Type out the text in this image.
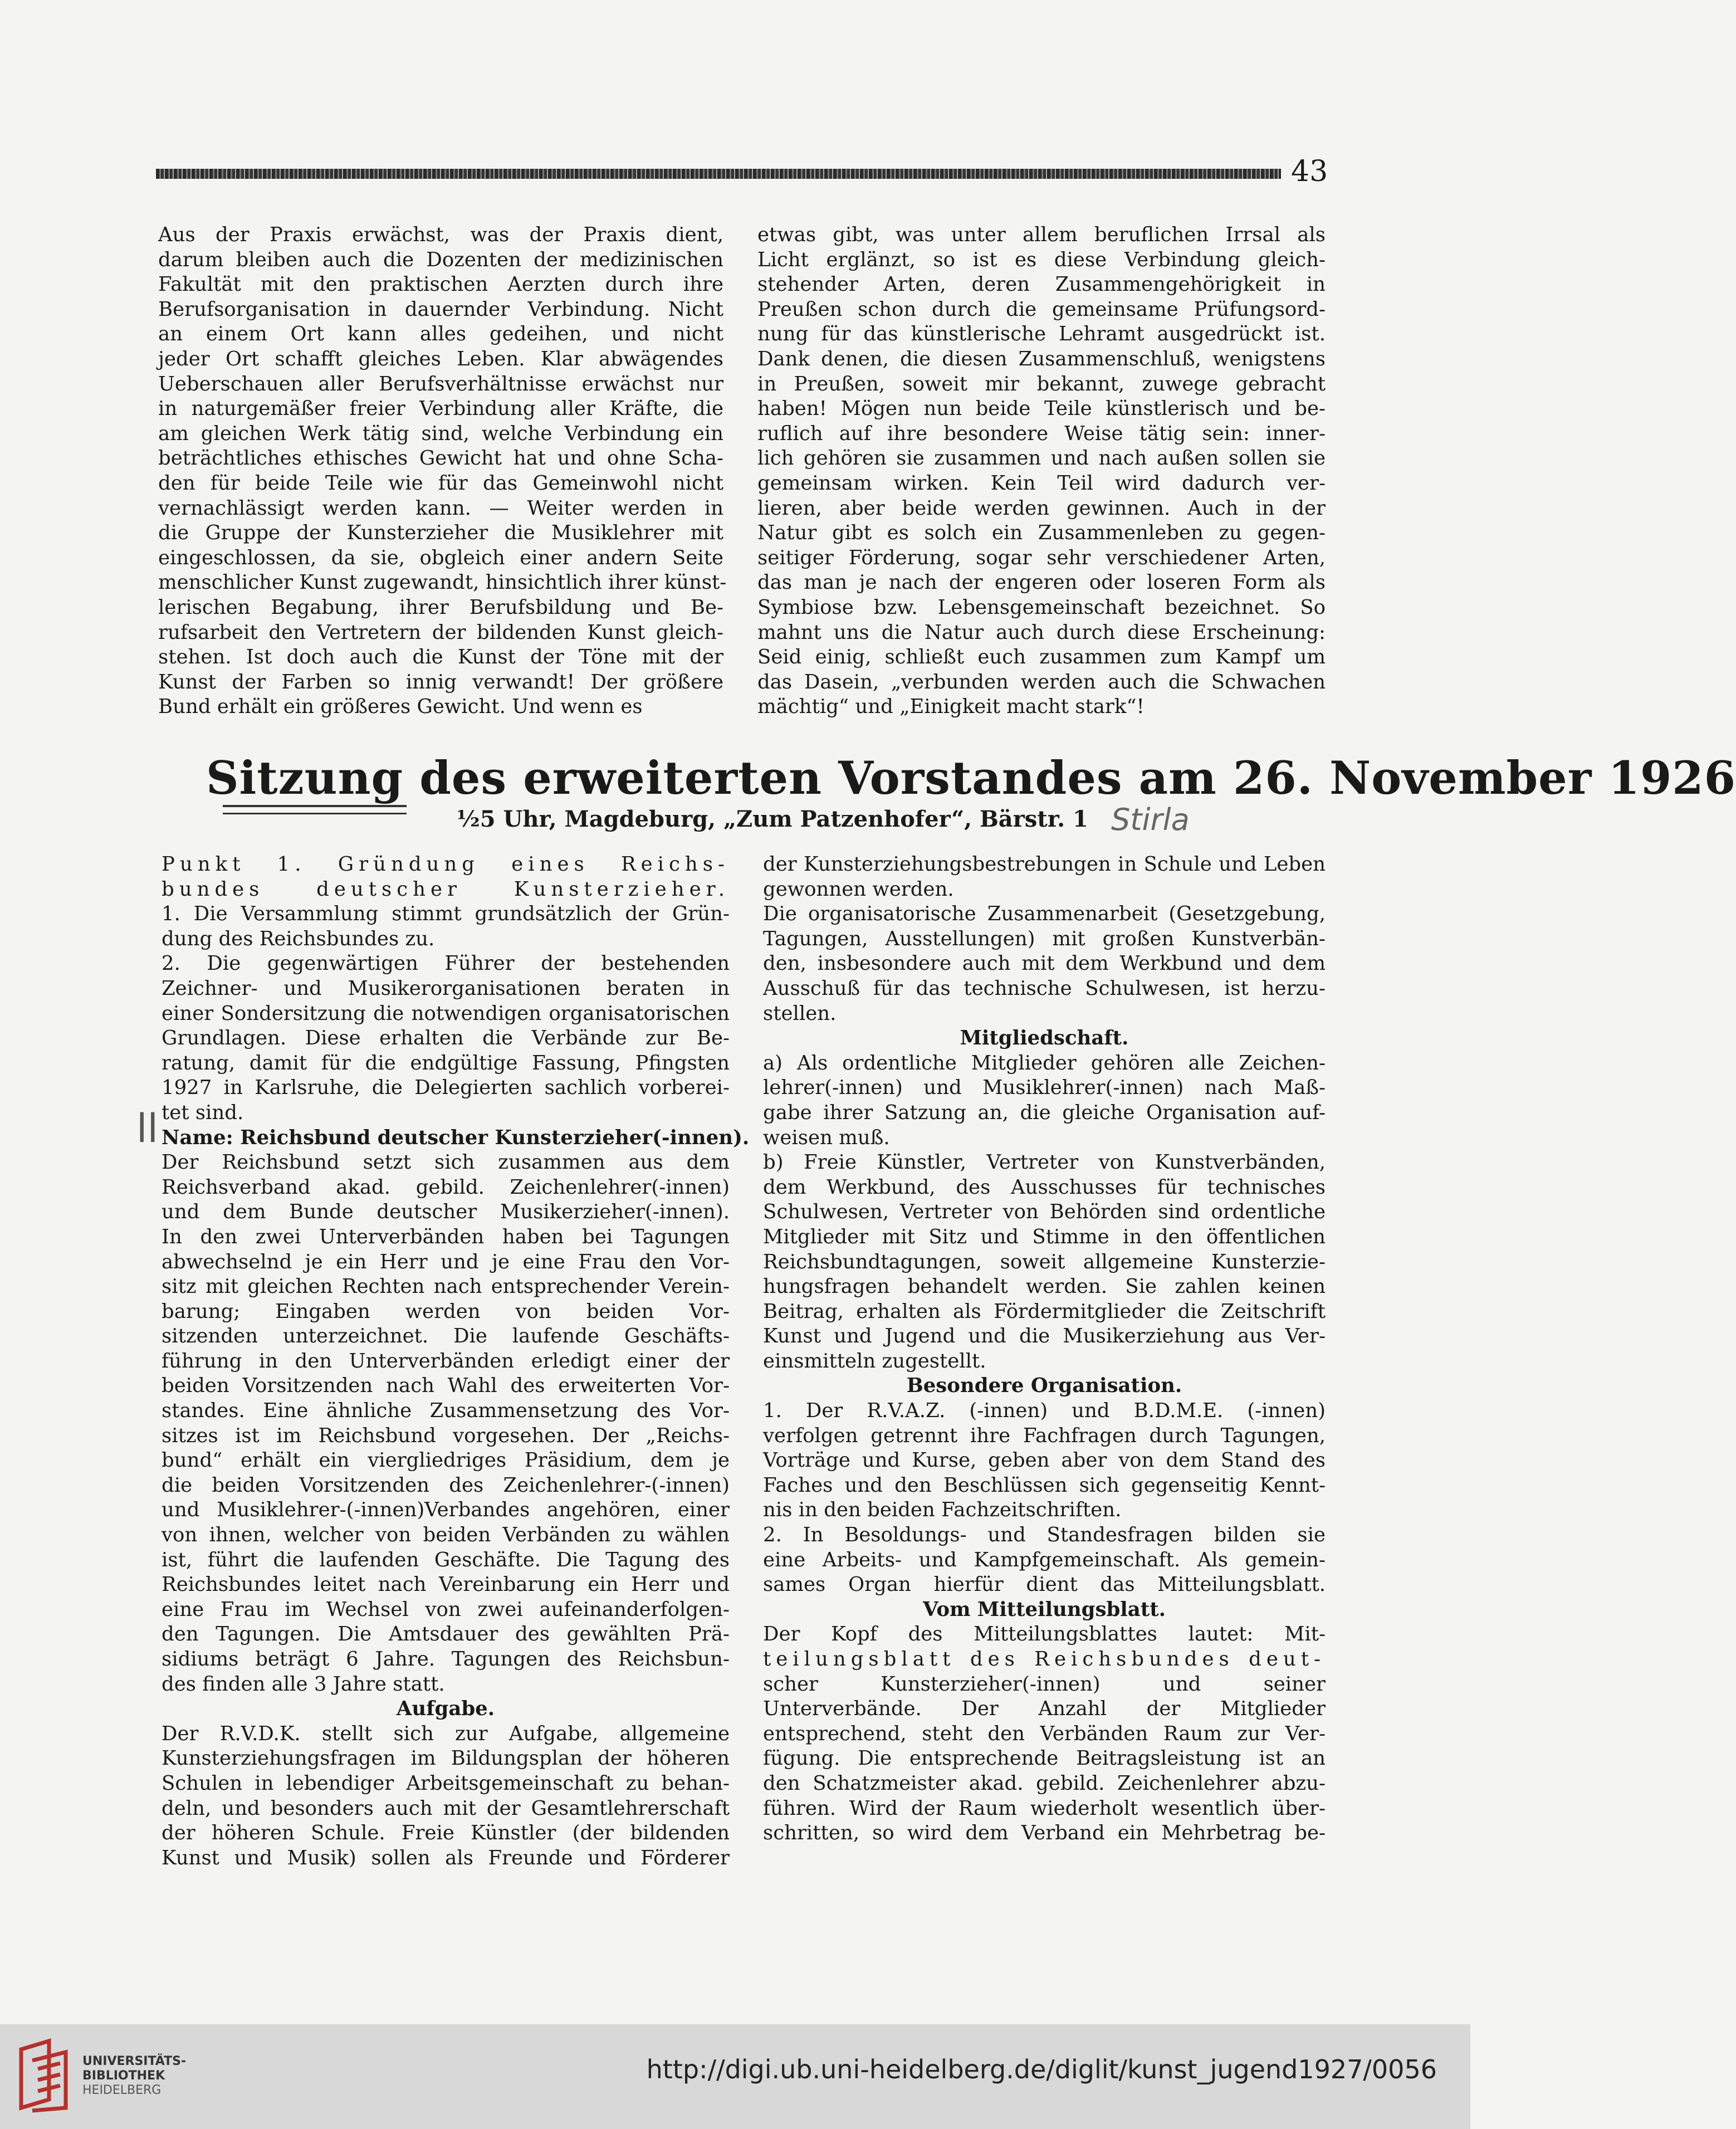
43
Aus der Praxis erwächst, was der Praxis dient,
darum bleiben auch die Dozenten der medizinischen
Fakultät mit den praktischen Aerzten durch ihre
Berufsorganisation in dauernder Verbindung. Nicht
an einem Ort kann alles gedeihen, und nicht
jeder Ort schafft gleiches Leben. Klar abwägendes
Ueberschauen aller Berufsverhältnisse erwächst nur
in naturgemäßer freier Verbindung aller Kräfte, die
am gleichen Werk tätig sind, welche Verbindung ein
beträchtliches ethisches Gewicht hat und ohne Scha-
den für beide Teile wie für das Gemeinwohl nicht
vernachlässigt werden kann. — Weiter werden in
die Gruppe der Kunsterzieher die Musiklehrer mit
eingeschlossen, da sie, obgleich einer andern Seite
menschlicher Kunst zugewandt, hinsichtlich ihrer künst-
lerischen Begabung, ihrer Berufsbildung und Be-
rufsarbeit den Vertretern der bildenden Kunst gleich-
stehen. Ist doch auch die Kunst der Töne mit der
Kunst der Farben so innig verwandt! Der größere
Bund erhält ein größeres Gewicht. Und wenn es
etwas gibt, was unter allem beruflichen Irrsal als
Licht erglänzt, so ist es diese Verbindung gleich-
stehender Arten, deren Zusammengehörigkeit in
Preußen schon durch die gemeinsame Prüfungsord-
nung für das künstlerische Lehramt ausgedrückt ist.
Dank denen, die diesen Zusammenschluß, wenigstens
in Preußen, soweit mir bekannt, zuwege gebracht
haben! Mögen nun beide Teile künstlerisch und be-
ruflich auf ihre besondere Weise tätig sein: inner-
lich gehören sie zusammen und nach außen sollen sie
gemeinsam wirken. Kein Teil wird dadurch ver-
lieren, aber beide werden gewinnen. Auch in der
Natur gibt es solch ein Zusammenleben zu gegen-
seitiger Förderung, sogar sehr verschiedener Arten,
das man je nach der engeren oder loseren Form als
Symbiose bzw. Lebensgemeinschaft bezeichnet. So
mahnt uns die Natur auch durch diese Erscheinung:
Seid einig, schließt euch zusammen zum Kampf um
das Dasein, „verbunden werden auch die Schwachen
mächtig“ und „Einigkeit macht stark“!
Sitzung des erweiterten Vorstandes am 26. November 1926
½5 Uhr, Magdeburg, „Zum Patzenhofer“, Bärstr. 1 Stirla
ll
Punkt 1. Gründung eines Reichs-
bundes deutscher Kunsterzieher.
1. Die Versammlung stimmt grundsätzlich der Grün-
dung des Reichsbundes zu.
2. Die gegenwärtigen Führer der bestehenden
Zeichner- und Musikerorganisationen beraten in
einer Sondersitzung die notwendigen organisatorischen
Grundlagen. Diese erhalten die Verbände zur Be-
ratung, damit für die endgültige Fassung, Pfingsten
1927 in Karlsruhe, die Delegierten sachlich vorberei-
tet sind.
Name: Reichsbund deutscher Kunsterzieher(-innen).
Der Reichsbund setzt sich zusammen aus dem
Reichsverband akad. gebild. Zeichenlehrer(-innen)
und dem Bunde deutscher Musikerzieher(-innen).
In den zwei Unterverbänden haben bei Tagungen
abwechselnd je ein Herr und je eine Frau den Vor-
sitz mit gleichen Rechten nach entsprechender Verein-
barung; Eingaben werden von beiden Vor-
sitzenden unterzeichnet. Die laufende Geschäfts-
führung in den Unterverbänden erledigt einer der
beiden Vorsitzenden nach Wahl des erweiterten Vor-
standes. Eine ähnliche Zusammensetzung des Vor-
sitzes ist im Reichsbund vorgesehen. Der „Reichs-
bund“ erhält ein viergliedriges Präsidium, dem je
die beiden Vorsitzenden des Zeichenlehrer-(-innen)
und Musiklehrer-(-innen)Verbandes angehören, einer
von ihnen, welcher von beiden Verbänden zu wählen
ist, führt die laufenden Geschäfte. Die Tagung des
Reichsbundes leitet nach Vereinbarung ein Herr und
eine Frau im Wechsel von zwei aufeinanderfolgen-
den Tagungen. Die Amtsdauer des gewählten Prä-
sidiums beträgt 6 Jahre. Tagungen des Reichsbun-
des finden alle 3 Jahre statt.
Aufgabe.
Der R.V.D.K. stellt sich zur Aufgabe, allgemeine
Kunsterziehungsfragen im Bildungsplan der höheren
Schulen in lebendiger Arbeitsgemeinschaft zu behan-
deln, und besonders auch mit der Gesamtlehrerschaft
der höheren Schule. Freie Künstler (der bildenden
Kunst und Musik) sollen als Freunde und Förderer
der Kunsterziehungsbestrebungen in Schule und Leben
gewonnen werden.
Die organisatorische Zusammenarbeit (Gesetzgebung,
Tagungen, Ausstellungen) mit großen Kunstverbän-
den, insbesondere auch mit dem Werkbund und dem
Ausschuß für das technische Schulwesen, ist herzu-
stellen.
Mitgliedschaft.
a) Als ordentliche Mitglieder gehören alle Zeichen-
lehrer(-innen) und Musiklehrer(-innen) nach Maß-
gabe ihrer Satzung an, die gleiche Organisation auf-
weisen muß.
b) Freie Künstler, Vertreter von Kunstverbänden,
dem Werkbund, des Ausschusses für technisches
Schulwesen, Vertreter von Behörden sind ordentliche
Mitglieder mit Sitz und Stimme in den öffentlichen
Reichsbundtagungen, soweit allgemeine Kunsterzie-
hungsfragen behandelt werden. Sie zahlen keinen
Beitrag, erhalten als Fördermitglieder die Zeitschrift
Kunst und Jugend und die Musikerziehung aus Ver-
einsmitteln zugestellt.
Besondere Organisation.
1. Der R.V.A.Z. (-innen) und B.D.M.E. (-innen)
verfolgen getrennt ihre Fachfragen durch Tagungen,
Vorträge und Kurse, geben aber von dem Stand des
Faches und den Beschlüssen sich gegenseitig Kennt-
nis in den beiden Fachzeitschriften.
2. In Besoldungs- und Standesfragen bilden sie
eine Arbeits- und Kampfgemeinschaft. Als gemein-
sames Organ hierfür dient das Mitteilungsblatt.
Vom Mitteilungsblatt.
Der Kopf des Mitteilungsblattes lautet: Mit-
teilungsblatt des Reichsbundes deut-
scher Kunsterzieher(-innen) und seiner
Unterverbände. Der Anzahl der Mitglieder
entsprechend, steht den Verbänden Raum zur Ver-
fügung. Die entsprechende Beitragsleistung ist an
den Schatzmeister akad. gebild. Zeichenlehrer abzu-
führen. Wird der Raum wiederholt wesentlich über-
schritten, so wird dem Verband ein Mehrbetrag be-
UNIVERSITÄTS-
BIBLIOTHEK
HEIDELBERG
http://digi.ub.uni-heidelberg.de/diglit/kunst_jugend1927/0056
